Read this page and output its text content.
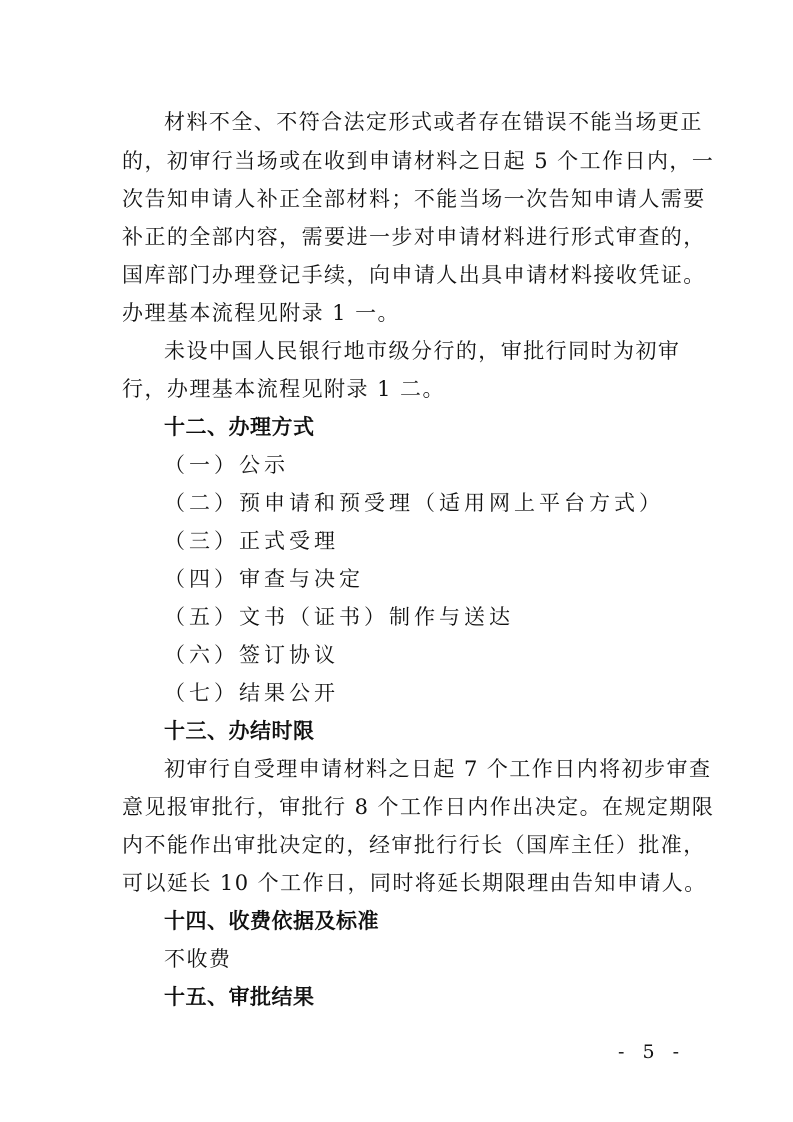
材料不全、不符合法定形式或者存在错误不能当场更正
的，初审行当场或在收到申请材料之日起 5 个工作日内，一
次告知申请人补正全部材料；不能当场一次告知申请人需要
补正的全部内容，需要进一步对申请材料进行形式审查的，
国库部门办理登记手续，向申请人出具申请材料接收凭证。
办理基本流程见附录 1 一。
未设中国人民银行地市级分行的，审批行同时为初审
行，办理基本流程见附录 1 二。
十二、办理方式
（一）公示
（二）预申请和预受理（适用网上平台方式）
（三）正式受理
（四）审查与决定
（五）文书（证书）制作与送达
（六）签订协议
（七）结果公开
十三、办结时限
初审行自受理申请材料之日起 7 个工作日内将初步审查
意见报审批行，审批行 8 个工作日内作出决定。在规定期限
内不能作出审批决定的，经审批行行长（国库主任）批准，
可以延长 10 个工作日，同时将延长期限理由告知申请人。
十四、收费依据及标准
不收费
十五、审批结果
- 5 -
